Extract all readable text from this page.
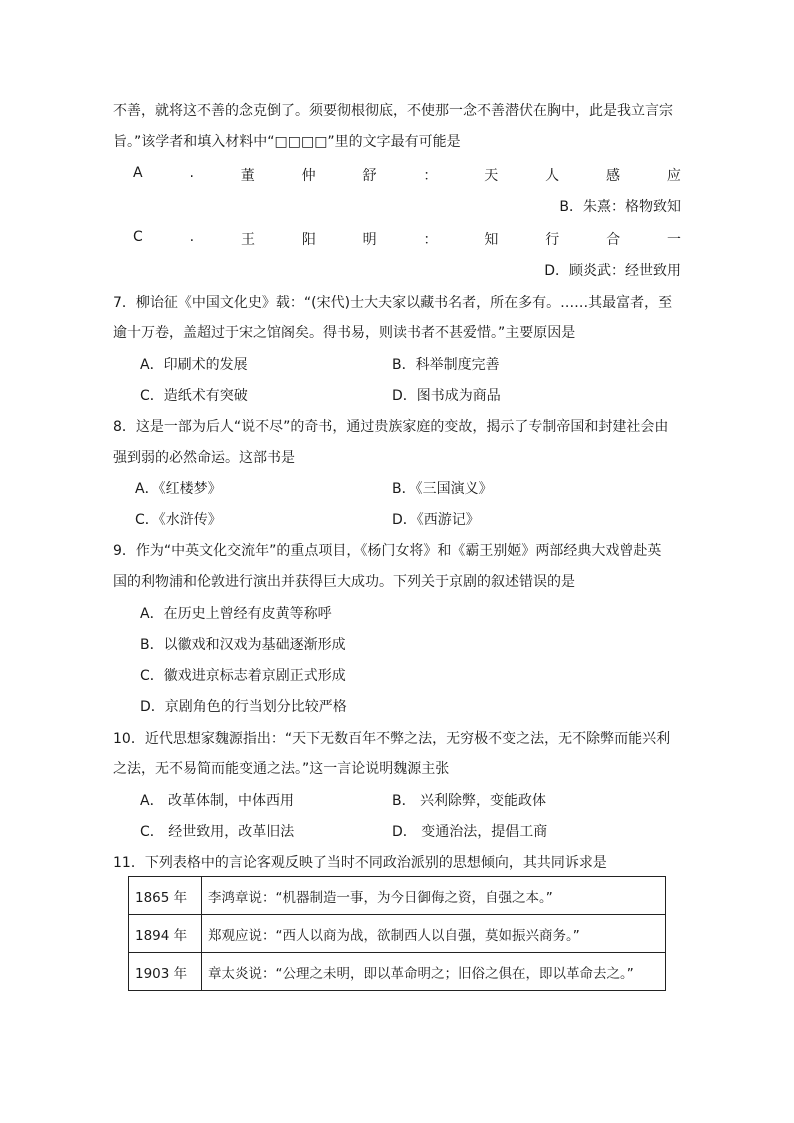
不善，就将这不善的念克倒了。须要彻根彻底，不使那一念不善潜伏在胸中，此是我立言宗
旨。”该学者和填入材料中“□□□□”里的文字最有可能是
A	.	董	仲	舒	：	天	人	感	应
B．朱熹：格物致知
C	.	王	阳	明	：	知	行	合	一
D．顾炎武：经世致用
7．柳诒征《中国文化史》载：“(宋代)士大夫家以藏书名者，所在多有。……其最富者，至
逾十万卷，盖超过于宋之馆阁矣。得书易，则读书者不甚爱惜。”主要原因是
A．印刷术的发展	B．科举制度完善
C．造纸术有突破	D．图书成为商品
8．这是一部为后人“说不尽”的奇书，通过贵族家庭的变故，揭示了专制帝国和封建社会由
强到弱的必然命运。这部书是
A．《红楼梦》	B．《三国演义》
C．《水浒传》	D．《西游记》
9．作为“中英文化交流年”的重点项目，《杨门女将》和《霸王别姬》两部经典大戏曾赴英
国的利物浦和伦敦进行演出并获得巨大成功。下列关于京剧的叙述错误的是
A．在历史上曾经有皮黄等称呼
B．以徽戏和汉戏为基础逐渐形成
C．徽戏进京标志着京剧正式形成
D．京剧角色的行当划分比较严格
10．近代思想家魏源指出：“天下无数百年不弊之法，无穷极不变之法，无不除弊而能兴利
之法，无不易简而能变通之法。”这一言论说明魏源主张
A． 改革体制，中体西用	B． 兴利除弊，变能政体
C． 经世致用，改革旧法	D． 变通治法，提倡工商
11．下列表格中的言论客观反映了当时不同政治派别的思想倾向，其共同诉求是
1865 年	李鸿章说：“机器制造一事，为今日御侮之资，自强之本。”
1894 年	郑观应说：“西人以商为战，欲制西人以自强，莫如振兴商务。”
1903 年	章太炎说：“公理之未明，即以革命明之；旧俗之俱在，即以革命去之。”
